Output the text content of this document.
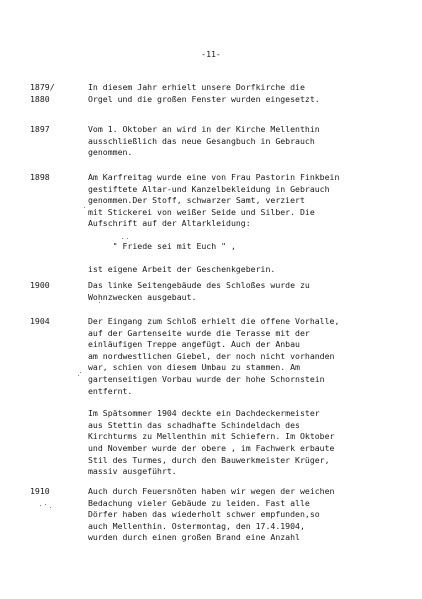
-11-
1879/
1880
In diesem Jahr erhielt unsere Dorfkirche die
Orgel und die großen Fenster wurden eingesetzt.
1897	Vom 1. Oktober an wird in der Kirche Mellenthin
ausschließlich das neue Gesangbuch in Gebrauch
genommen.
1898	Am Karfreitag wurde eine von Frau Pastorin Finkbein
gestiftete Altar-und Kanzelbekleidung in Gebrauch
genommen.Der Stoff, schwarzer Samt, verziert
mit Stickerei von weißer Seide und Silber. Die
Aufschrift auf der Altarkleidung:
" Friede sei mit Euch " ,
ist eigene Arbeit der Geschenkgeberin.
1900	Das linke Seitengebäude des Schloßes wurde zu
Wohnzwecken ausgebaut.
1904	Der Eingang zum Schloß erhielt die offene Vorhalle,
auf der Gartenseite wurde die Terasse mit der
einläufigen Treppe angefügt. Auch der Anbau
am nordwestlichen Giebel, der noch nicht vorhanden
war, schien von diesem Umbau zu stammen. Am
gartenseitigen Vorbau wurde der hohe Schornstein
entfernt.
Im Spätsommer 1904 deckte ein Dachdeckermeister
aus Stettin das schadhafte Schindeldach des
Kirchturms zu Mellenthin mit Schiefern. Im Oktober
und November wurde der obere , im Fachwerk erbaute
Stil des Turmes, durch den Bauwerkmeister Krüger,
massiv ausgeführt.
1910	Auch durch Feuersnöten haben wir wegen der weichen
Bedachung vieler Gebäude zu leiden. Fast alle
Dörfer haben das wiederholt schwer empfunden,so
auch Mellenthin. Ostermontag, den 17.4.1904,
wurden durch einen großen Brand eine Anzahl
